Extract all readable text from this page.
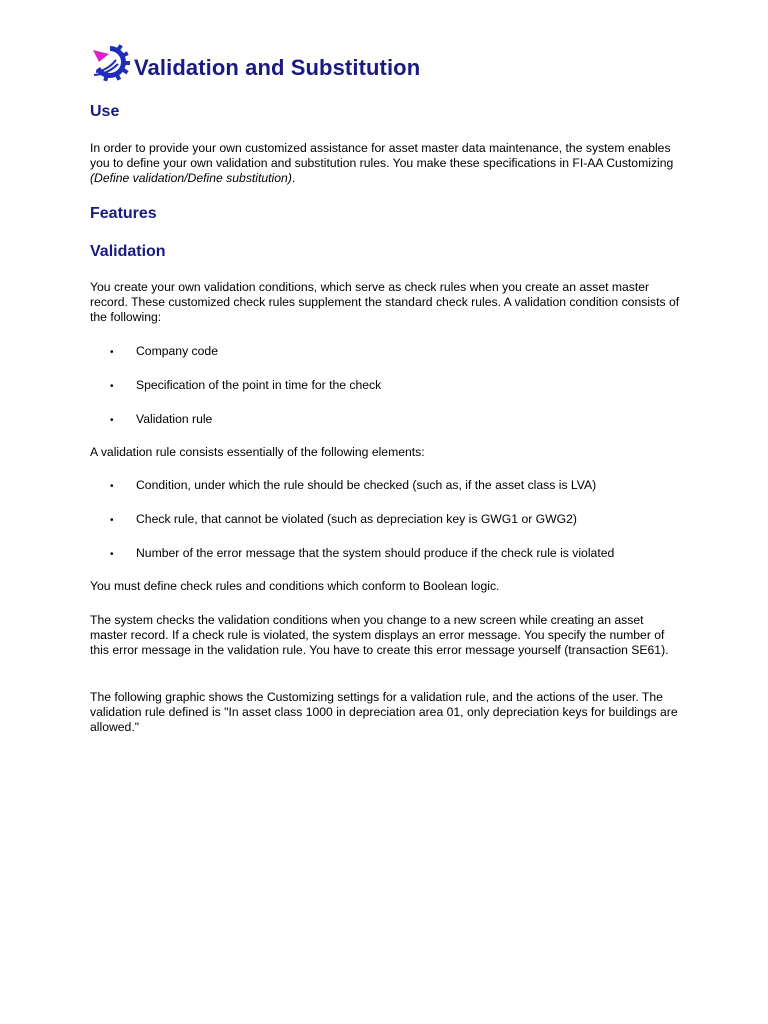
Validation and Substitution
Use

In order to provide your own customized assistance for asset master data maintenance, the system enables you to define your own validation and substitution rules. You make these specifications in FI-AA Customizing (Define validation/Define substitution).

Features
Validation

You create your own validation conditions, which serve as check rules when you create an asset master record. These customized check rules supplement the standard check rules. A validation condition consists of the following:

• Company code

• Specification of the point in time for the check

• Validation rule

A validation rule consists essentially of the following elements:

• Condition, under which the rule should be checked (such as, if the asset class is LVA)

• Check rule, that cannot be violated (such as depreciation key is GWG1 or GWG2)

• Number of the error message that the system should produce if the check rule is violated

You must define check rules and conditions which conform to Boolean logic.

The system checks the validation conditions when you change to a new screen while creating an asset master record. If a check rule is violated, the system displays an error message. You specify the number of this error message in the validation rule. You have to create this error message yourself (transaction SE61).

The following graphic shows the Customizing settings for a validation rule, and the actions of the user. The validation rule defined is "In asset class 1000 in depreciation area 01, only depreciation keys for buildings are allowed."
